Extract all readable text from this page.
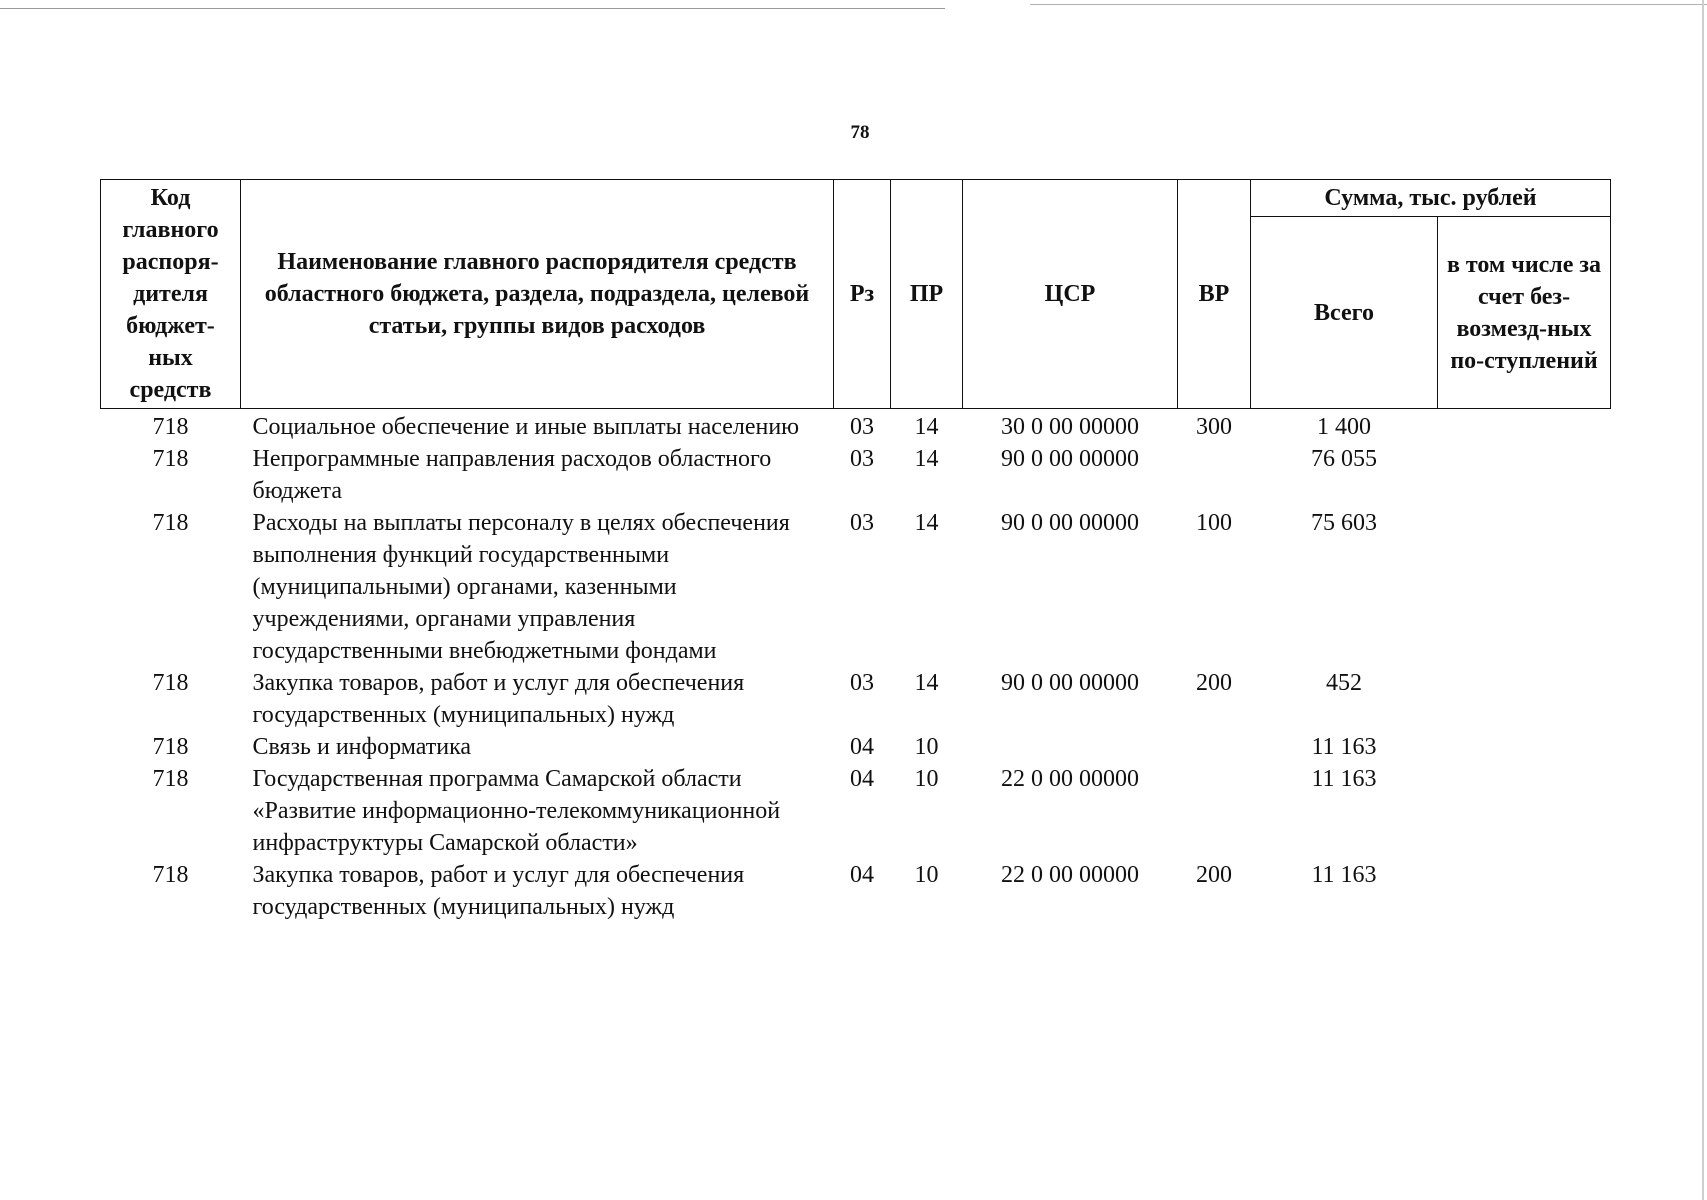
78
Код главного распоря-дителя бюджет-ных средств	Наименование главного распорядителя средств областного бюджета, раздела, подраздела, целевой статьи, группы видов расходов	Рз	ПР	ЦСР	ВР	Сумма, тыс. рублей	
						Всего	в том числе за счет без-возмезд-ных по-ступлений
718	Социальное обеспечение и иные выплаты населению	03	14	30 0 00 00000	300	1 400	
718	Непрограммные направления расходов областного бюджета	03	14	90 0 00 00000		76 055	
718	Расходы на выплаты персоналу в целях обеспечения выполнения функций государственными (муниципальными) органами, казенными учреждениями, органами управления государственными внебюджетными фондами	03	14	90 0 00 00000	100	75 603	
718	Закупка товаров, работ и услуг для обеспечения государственных (муниципальных) нужд	03	14	90 0 00 00000	200	452	
718	Связь и информатика	04	10			11 163	
718	Государственная программа Самарской области «Развитие информационно-телекоммуникационной инфраструктуры Самарской области»	04	10	22 0 00 00000		11 163	
718	Закупка товаров, работ и услуг для обеспечения государственных (муниципальных) нужд	04	10	22 0 00 00000	200	11 163	
